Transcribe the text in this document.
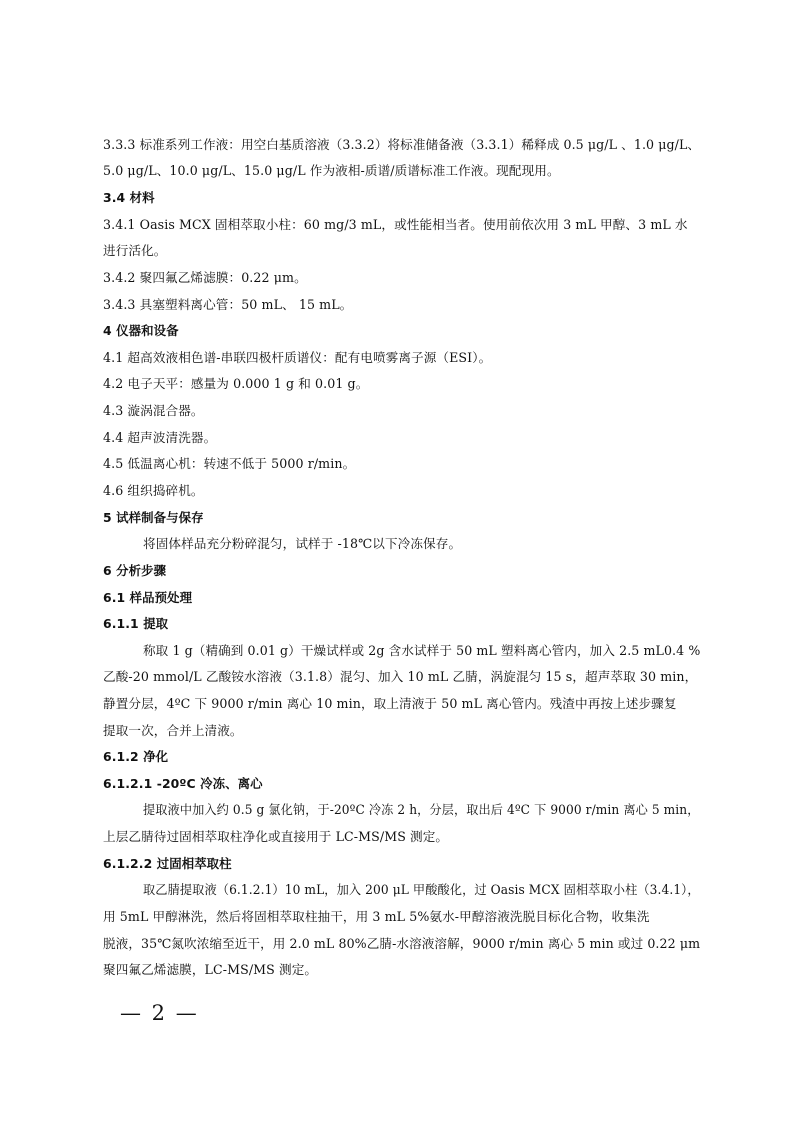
3.3.3 标准系列工作液：用空白基质溶液（3.3.2）将标准储备液（3.3.1）稀释成 0.5 μg/L 、1.0 μg/L、
5.0 μg/L、10.0 μg/L、15.0 μg/L 作为液相-质谱/质谱标准工作液。现配现用。
3.4 材料
3.4.1 Oasis MCX 固相萃取小柱：60 mg/3 mL，或性能相当者。使用前依次用 3 mL 甲醇、3 mL 水
进行活化。
3.4.2 聚四氟乙烯滤膜：0.22 μm。
3.4.3 具塞塑料离心管：50 mL、 15 mL。
4 仪器和设备
4.1 超高效液相色谱-串联四极杆质谱仪：配有电喷雾离子源（ESI）。
4.2 电子天平：感量为 0.000 1 g 和 0.01 g。
4.3 漩涡混合器。
4.4 超声波清洗器。
4.5 低温离心机：转速不低于 5000 r/min。
4.6 组织捣碎机。
5 试样制备与保存
将固体样品充分粉碎混匀，试样于 -18℃以下冷冻保存。
6 分析步骤
6.1 样品预处理
6.1.1 提取
称取 1 g（精确到 0.01 g）干燥试样或 2g 含水试样于 50 mL 塑料离心管内，加入 2.5 mL0.4 %
乙酸-20 mmol/L 乙酸铵水溶液（3.1.8）混匀、加入 10 mL 乙腈，涡旋混匀 15 s，超声萃取 30 min，
静置分层，4ºC 下 9000 r/min 离心 10 min，取上清液于 50 mL 离心管内。残渣中再按上述步骤复
提取一次，合并上清液。
6.1.2 净化
6.1.2.1 -20ºC 冷冻、离心
提取液中加入约 0.5 g 氯化钠，于-20ºC 冷冻 2 h，分层，取出后 4ºC 下 9000 r/min 离心 5 min，
上层乙腈待过固相萃取柱净化或直接用于 LC-MS/MS 测定。
6.1.2.2 过固相萃取柱
取乙腈提取液（6.1.2.1）10 mL，加入 200 μL 甲酸酸化，过 Oasis MCX 固相萃取小柱（3.4.1），
用 5mL 甲醇淋洗，然后将固相萃取柱抽干，用 3 mL 5%氨水-甲醇溶液洗脱目标化合物，收集洗
脱液，35℃氮吹浓缩至近干，用 2.0 mL 80%乙腈-水溶液溶解，9000 r/min 离心 5 min 或过 0.22 μm
聚四氟乙烯滤膜，LC-MS/MS 测定。
— 2 —
